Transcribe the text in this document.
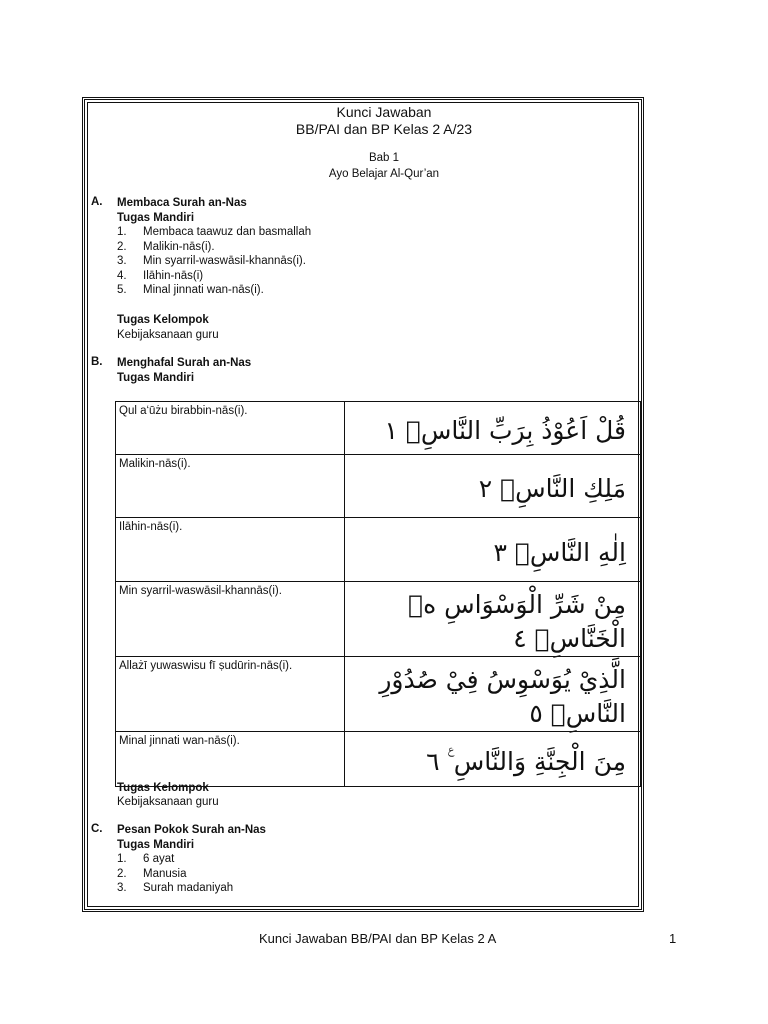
Kunci Jawaban
BB/PAI dan BP Kelas 2 A/23
Bab 1
Ayo Belajar Al-Qur’an
A. Membaca Surah an-Nas
Tugas Mandiri
1. Membaca taawuz dan basmallah
2. Malikin-nās(i).
3. Min syarril-waswāsil-khannās(i).
4. Ilāhin-nās(i)
5. Minal jinnati wan-nās(i).
Tugas Kelompok
Kebijaksanaan guru
B. Menghafal Surah an-Nas
Tugas Mandiri
Qul a‘ūżu birabbin-nās(i).	قُلْ اَعُوْذُ بِرَبِّ النَّاسِۙ ١
Malikin-nās(i).	مَلِكِ النَّاسِۙ ٢
Ilāhin-nās(i).	اِلٰهِ النَّاسِۙ ٣
Min syarril-waswāsil-khannās(i).	مِنْ شَرِّ الْوَسْوَاسِ ەۙ الْخَنَّاسِۖ ٤
Allażī yuwaswisu fī ṣudūrin-nās(i).	الَّذِيْ يُوَسْوِسُ فِيْ صُدُوْرِ النَّاسِۙ ٥
Minal jinnati wan-nās(i).	مِنَ الْجِنَّةِ وَالنَّاسِ ࣖ ٦
Tugas Kelompok
Kebijaksanaan guru
C. Pesan Pokok Surah an-Nas
Tugas Mandiri
1. 6 ayat
2. Manusia
3. Surah madaniyah
Kunci Jawaban BB/PAI dan BP Kelas 2 A	1
